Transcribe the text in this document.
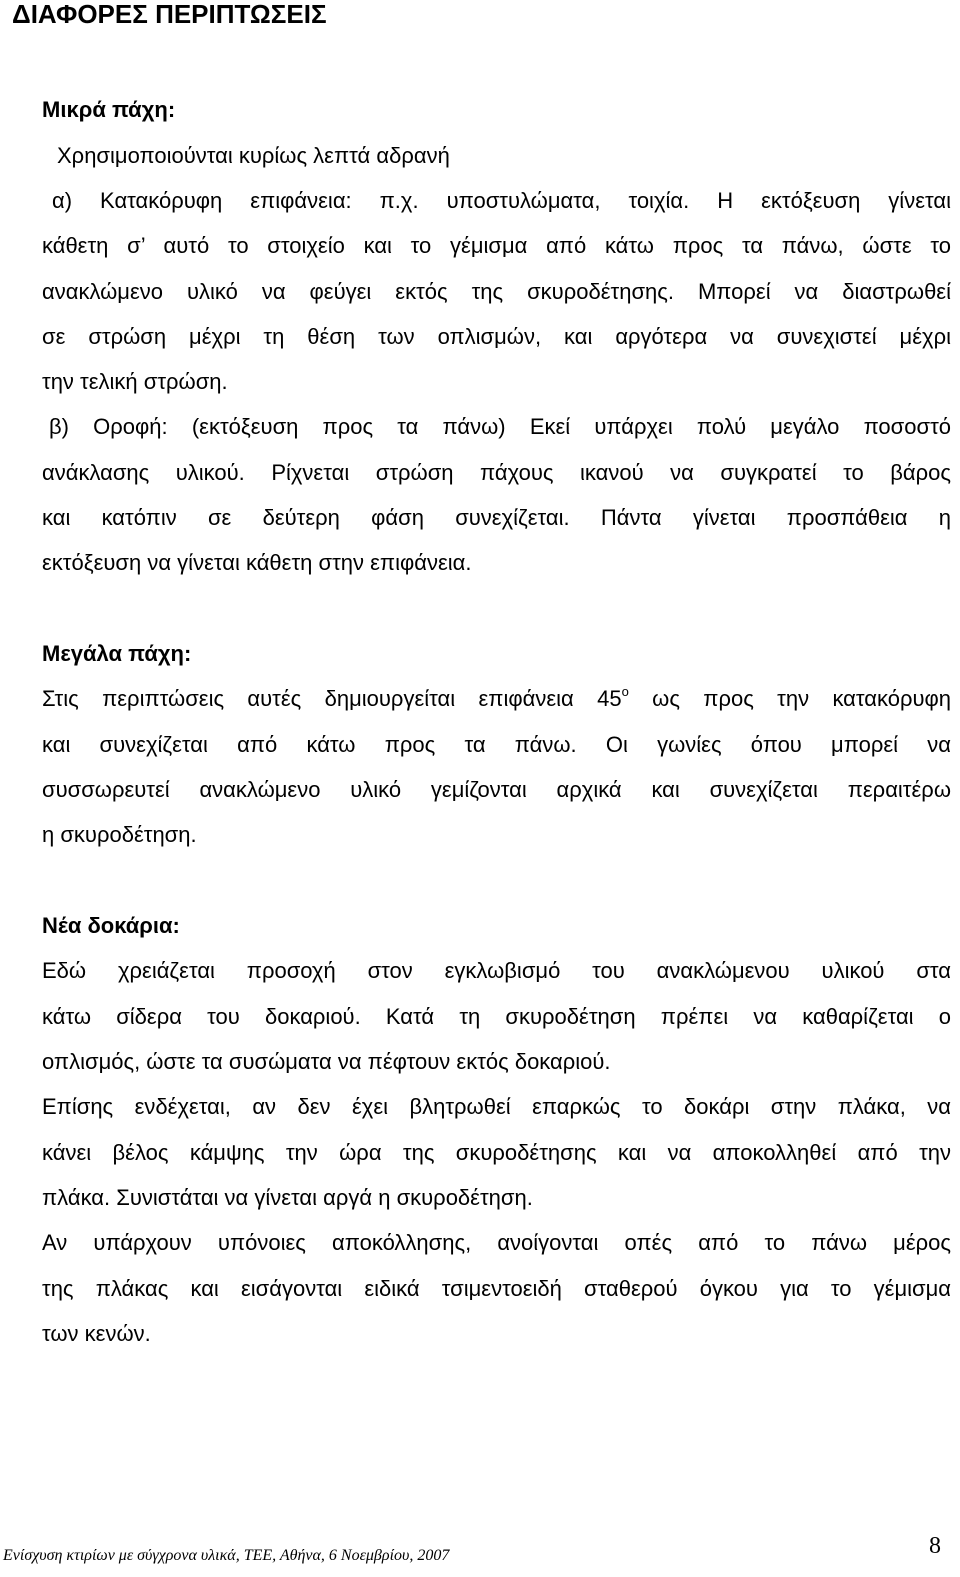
ΔΙΑΦΟΡΕΣ ΠΕΡΙΠΤΩΣΕΙΣ
Μικρά πάχη:

Χρησιμοποιούνται κυρίως λεπτά αδρανή

α) Κατακόρυφη επιφάνεια: π.χ. υποστυλώματα, τοιχία. Η εκτόξευση γίνεται

κάθετη σ’ αυτό το στοιχείο και το γέμισμα από κάτω προς τα πάνω, ώστε το

ανακλώμενο υλικό να φεύγει εκτός της σκυροδέτησης. Μπορεί να διαστρωθεί

σε στρώση μέχρι τη θέση των οπλισμών, και αργότερα να συνεχιστεί μέχρι

την τελική στρώση.

β) Οροφή: (εκτόξευση προς τα πάνω) Εκεί υπάρχει πολύ μεγάλο ποσοστό

ανάκλασης υλικού. Ρίχνεται στρώση πάχους ικανού να συγκρατεί το βάρος

και κατόπιν σε δεύτερη φάση συνεχίζεται. Πάντα γίνεται προσπάθεια η

εκτόξευση να γίνεται κάθετη στην επιφάνεια.

Μεγάλα πάχη:

Στις περιπτώσεις αυτές δημιουργείται επιφάνεια $45^o$ ως προς την κατακόρυφη

και συνεχίζεται από κάτω προς τα πάνω. Οι γωνίες όπου μπορεί να

συσσωρευτεί ανακλώμενο υλικό γεμίζονται αρχικά και συνεχίζεται περαιτέρω

η σκυροδέτηση.

Νέα δοκάρια:

Εδώ χρειάζεται προσοχή στον εγκλωβισμό του ανακλώμενου υλικού στα

κάτω σίδερα του δοκαριού. Κατά τη σκυροδέτηση πρέπει να καθαρίζεται ο

οπλισμός, ώστε τα συσώματα να πέφτουν εκτός δοκαριού.

Επίσης ενδέχεται, αν δεν έχει βλητρωθεί επαρκώς το δοκάρι στην πλάκα, να

κάνει βέλος κάμψης την ώρα της σκυροδέτησης και να αποκολληθεί από την

πλάκα. Συνιστάται να γίνεται αργά η σκυροδέτηση.

Αν υπάρχουν υπόνοιες αποκόλλησης, ανοίγονται οπές από το πάνω μέρος

της πλάκας και εισάγονται ειδικά τσιμεντοειδή σταθερού όγκου για το γέμισμα

των κενών.

Ενίσχυση κτιρίων με σύγχρονα υλικά, ΤΕΕ, Αθήνα, 6 Νοεμβρίου, 2007	8
